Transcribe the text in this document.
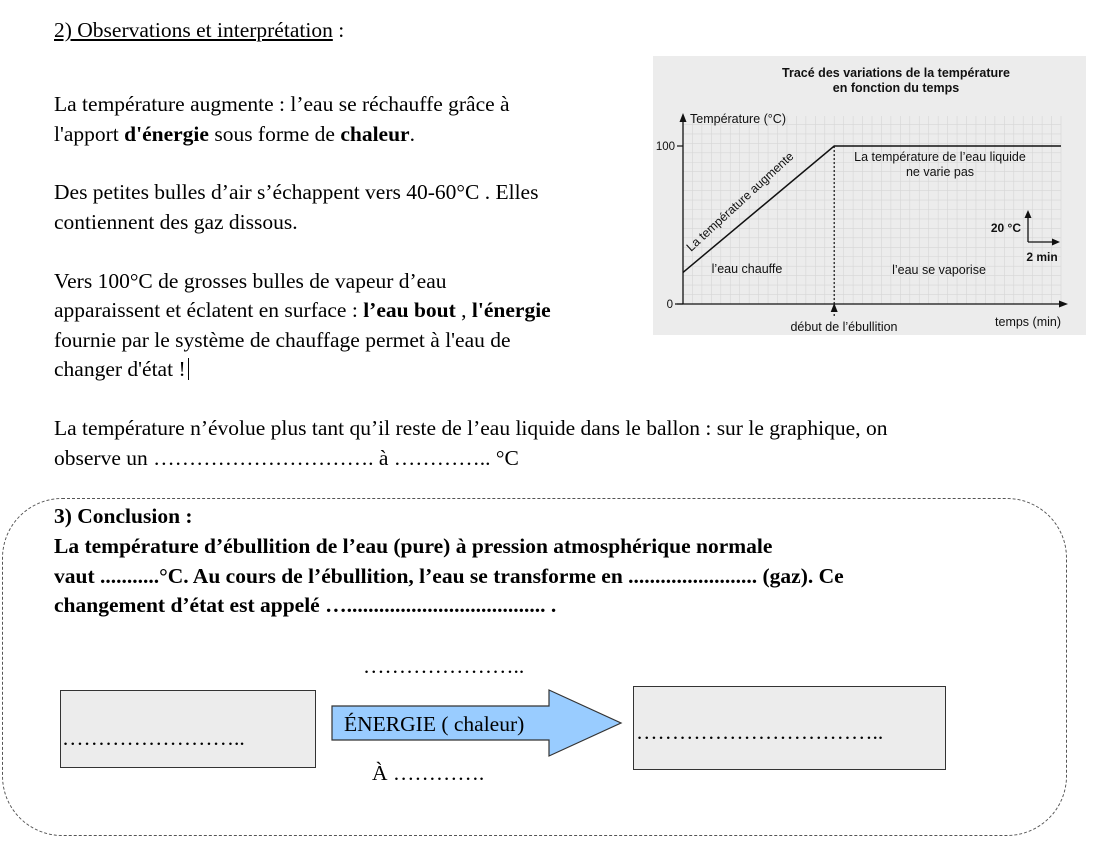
2) Observations et interprétation :
La température augmente : l’eau se réchauffe grâce à
l'apport d'énergie sous forme de chaleur.
Des petites bulles d’air s’échappent vers 40-60°C . Elles
contiennent des gaz dissous.
Vers 100°C de grosses bulles de vapeur d’eau
apparaissent et éclatent en surface : l’eau bout , l'énergie
fournie par le système de chauffage permet à l'eau de
changer d'état !
La température n’évolue plus tant qu’il reste de l’eau liquide dans le ballon : sur le graphique, on
observe un …………………………. à ………….. °C
Tracé des variations de la température
en fonction du temps
Température (°C)
temps (min)
100
0
début de l’ébullition
La température augmente	La température de l’eau liquide
ne varie pas
l’eau chauffe	l’eau se vaporise
20 °C
2 min
3) Conclusion :
La température d’ébullition de l’eau (pure) à pression atmosphérique normale
vaut ...........°C. Au cours de l’ébullition, l’eau se transforme en ........................ (gaz). Ce
changement d’état est appelé …..................................... .
…………………..
……………………..
ÉNERGIE ( chaleur)
À ………….
……………………………..
